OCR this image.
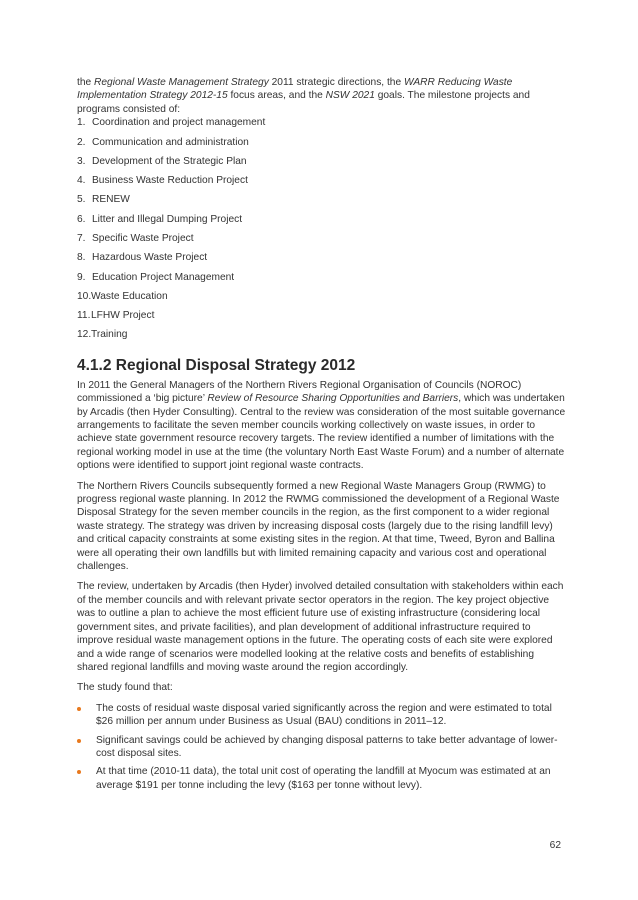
the Regional Waste Management Strategy 2011 strategic directions, the WARR Reducing Waste Implementation Strategy 2012-15 focus areas, and the NSW 2021 goals. The milestone projects and programs consisted of:

1. Coordination and project management
2. Communication and administration
3. Development of the Strategic Plan
4. Business Waste Reduction Project
5. RENEW
6. Litter and Illegal Dumping Project
7. Specific Waste Project
8. Hazardous Waste Project
9. Education Project Management
10. Waste Education
11. LFHW Project
12. Training
4.1.2 Regional Disposal Strategy 2012

In 2011 the General Managers of the Northern Rivers Regional Organisation of Councils (NOROC) commissioned a ‘big picture’ Review of Resource Sharing Opportunities and Barriers, which was undertaken by Arcadis (then Hyder Consulting). Central to the review was consideration of the most suitable governance arrangements to facilitate the seven member councils working collectively on waste issues, in order to achieve state government resource recovery targets. The review identified a number of limitations with the regional working model in use at the time (the voluntary North East Waste Forum) and a number of alternate options were identified to support joint regional waste contracts.

The Northern Rivers Councils subsequently formed a new Regional Waste Managers Group (RWMG) to progress regional waste planning. In 2012 the RWMG commissioned the development of a Regional Waste Disposal Strategy for the seven member councils in the region, as the first component to a wider regional waste strategy. The strategy was driven by increasing disposal costs (largely due to the rising landfill levy) and critical capacity constraints at some existing sites in the region. At that time, Tweed, Byron and Ballina were all operating their own landfills but with limited remaining capacity and various cost and operational challenges.

The review, undertaken by Arcadis (then Hyder) involved detailed consultation with stakeholders within each of the member councils and with relevant private sector operators in the region. The key project objective was to outline a plan to achieve the most efficient future use of existing infrastructure (considering local government sites, and private facilities), and plan development of additional infrastructure required to improve residual waste management options in the future. The operating costs of each site were explored and a wide range of scenarios were modelled looking at the relative costs and benefits of establishing shared regional landfills and moving waste around the region accordingly.

The study found that:

The costs of residual waste disposal varied significantly across the region and were estimated to total $26 million per annum under Business as Usual (BAU) conditions in 2011–12.
Significant savings could be achieved by changing disposal patterns to take better advantage of lower-cost disposal sites.
At that time (2010-11 data), the total unit cost of operating the landfill at Myocum was estimated at an average $191 per tonne including the levy ($163 per tonne without levy).
62
